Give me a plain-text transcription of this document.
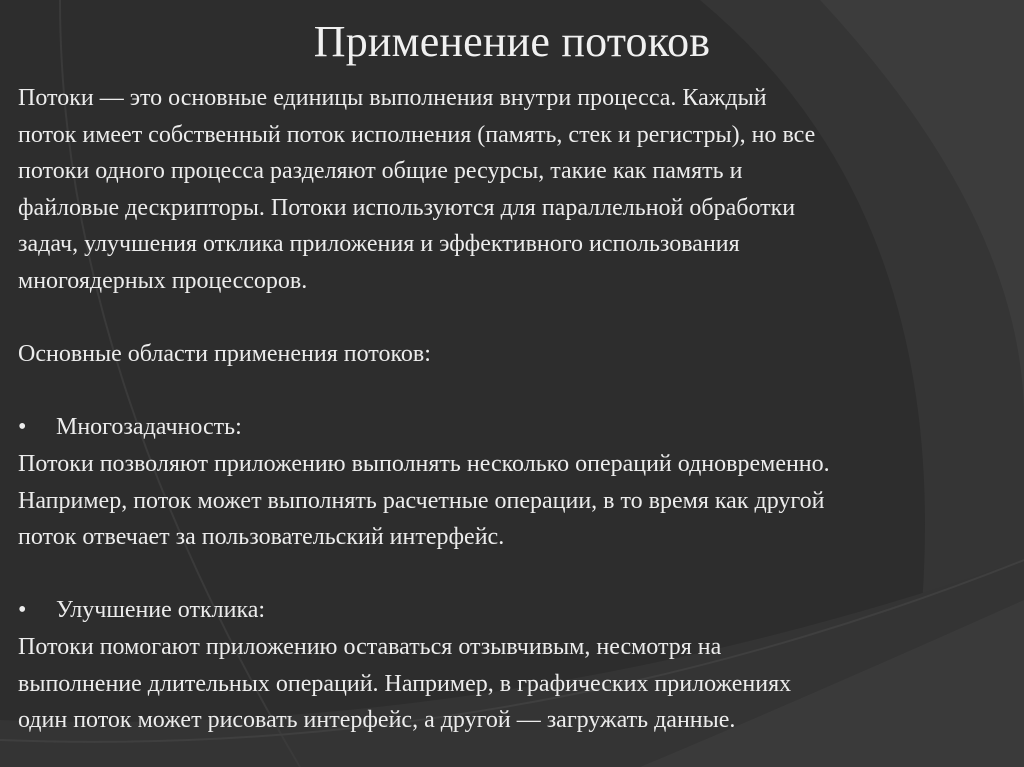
Применение потоков

Потоки — это основные единицы выполнения внутри процесса. Каждый

поток имеет собственный поток исполнения (память, стек и регистры), но все

потоки одного процесса разделяют общие ресурсы, такие как память и

файловые дескрипторы. Потоки используются для параллельной обработки

задач, улучшения отклика приложения и эффективного использования

многоядерных процессоров.

Основные области применения потоков:

• Многозадачность:

Потоки позволяют приложению выполнять несколько операций одновременно.

Например, поток может выполнять расчетные операции, в то время как другой

поток отвечает за пользовательский интерфейс.

• Улучшение отклика:

Потоки помогают приложению оставаться отзывчивым, несмотря на

выполнение длительных операций. Например, в графических приложениях

один поток может рисовать интерфейс, а другой — загружать данные.
